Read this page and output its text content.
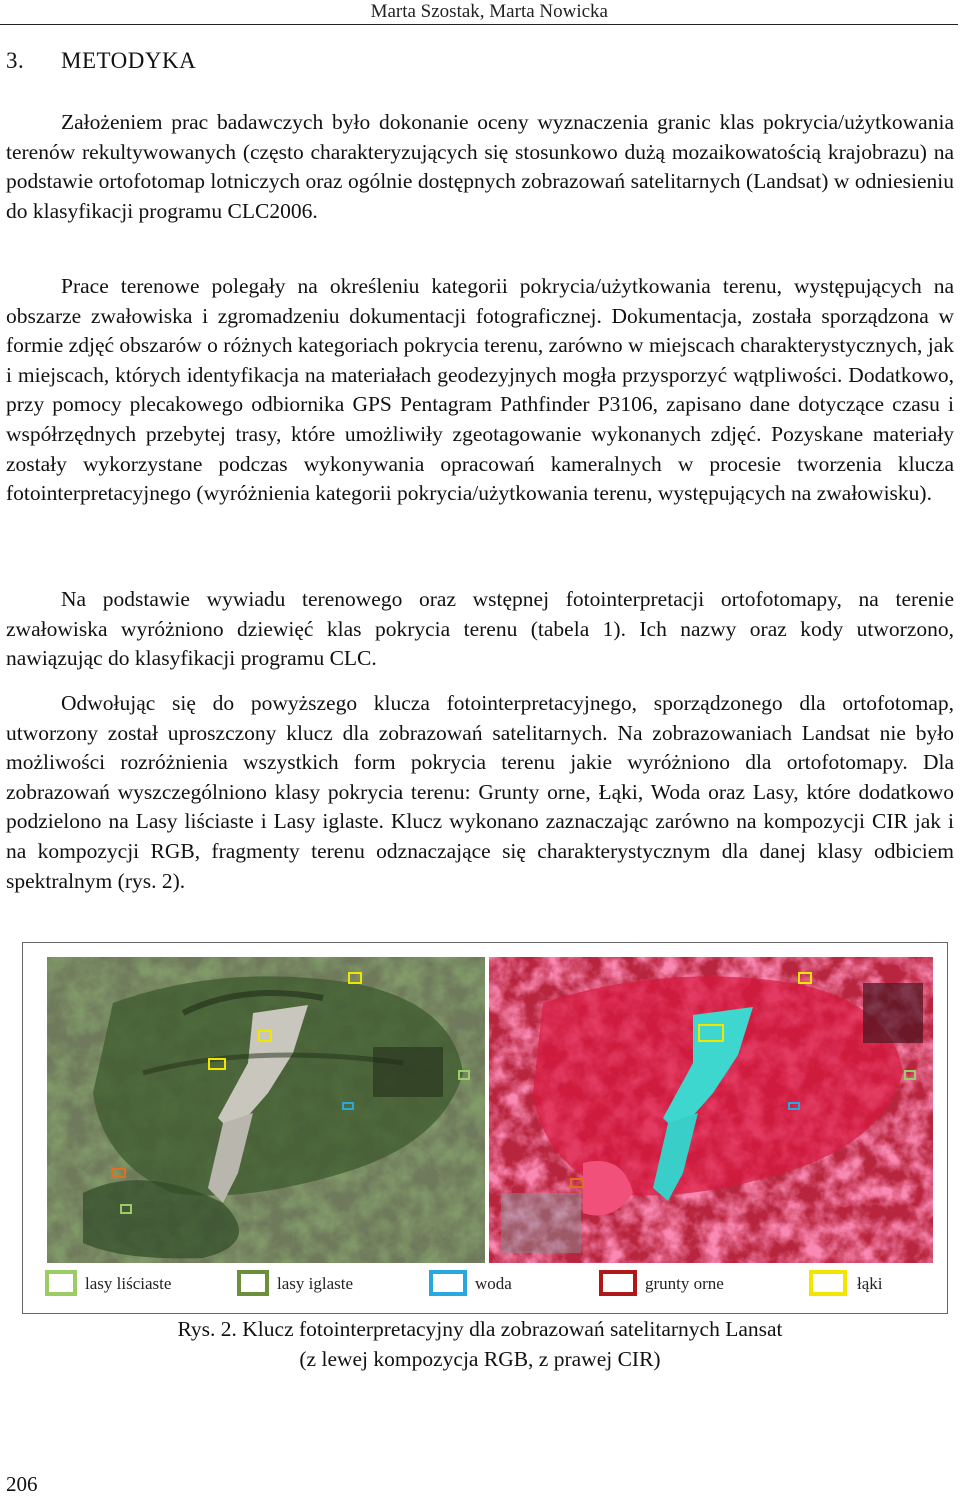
Marta Szostak, Marta Nowicka
3. METODYKA

Założeniem prac badawczych było dokonanie oceny wyznaczenia granic klas pokrycia/użytkowania terenów rekultywowanych (często charakteryzujących się stosunkowo dużą mozaikowatością krajobrazu) na podstawie ortofotomap lotniczych oraz ogólnie dostępnych zobrazowań satelitarnych (Landsat) w odniesieniu do klasyfikacji programu CLC2006.

Prace terenowe polegały na określeniu kategorii pokrycia/użytkowania terenu, występujących na obszarze zwałowiska i zgromadzeniu dokumentacji fotograficznej. Dokumentacja, została sporządzona w formie zdjęć obszarów o różnych kategoriach pokrycia terenu, zarówno w miejscach charakterystycznych, jak i miejscach, których identyfikacja na materiałach geodezyjnych mogła przysporzyć wątpliwości. Dodatkowo, przy pomocy plecakowego odbiornika GPS Pentagram Pathfinder P3106, zapisano dane dotyczące czasu i współrzędnych przebytej trasy, które umożliwiły zgeotagowanie wykonanych zdjęć. Pozyskane materiały zostały wykorzystane podczas wykonywania opracowań kameralnych w procesie tworzenia klucza fotointerpretacyjnego (wyróżnienia kategorii pokrycia/użytkowania terenu, występujących na zwałowisku).

Na podstawie wywiadu terenowego oraz wstępnej fotointerpretacji ortofotomapy, na terenie zwałowiska wyróżniono dziewięć klas pokrycia terenu (tabela 1). Ich nazwy oraz kody utworzono, nawiązując do klasyfikacji programu CLC.

Odwołując się do powyższego klucza fotointerpretacyjnego, sporządzonego dla ortofotomap, utworzony został uproszczony klucz dla zobrazowań satelitarnych. Na zobrazowaniach Landsat nie było możliwości rozróżnienia wszystkich form pokrycia terenu jakie wyróżniono dla ortofotomapy. Dla zobrazowań wyszczególniono klasy pokrycia terenu: Grunty orne, Łąki, Woda oraz Lasy, które dodatkowo podzielono na Lasy liściaste i Lasy iglaste. Klucz wykonano zaznaczając zarówno na kompozycji CIR jak i na kompozycji RGB, fragmenty terenu odznaczające się charakterystycznym dla danej klasy odbiciem spektralnym (rys. 2).

lasy liściaste	lasy iglaste	woda	grunty orne	łąki
Rys. 2. Klucz fotointerpretacyjny dla zobrazowań satelitarnych Lansat
(z lewej kompozycja RGB, z prawej CIR)
206
